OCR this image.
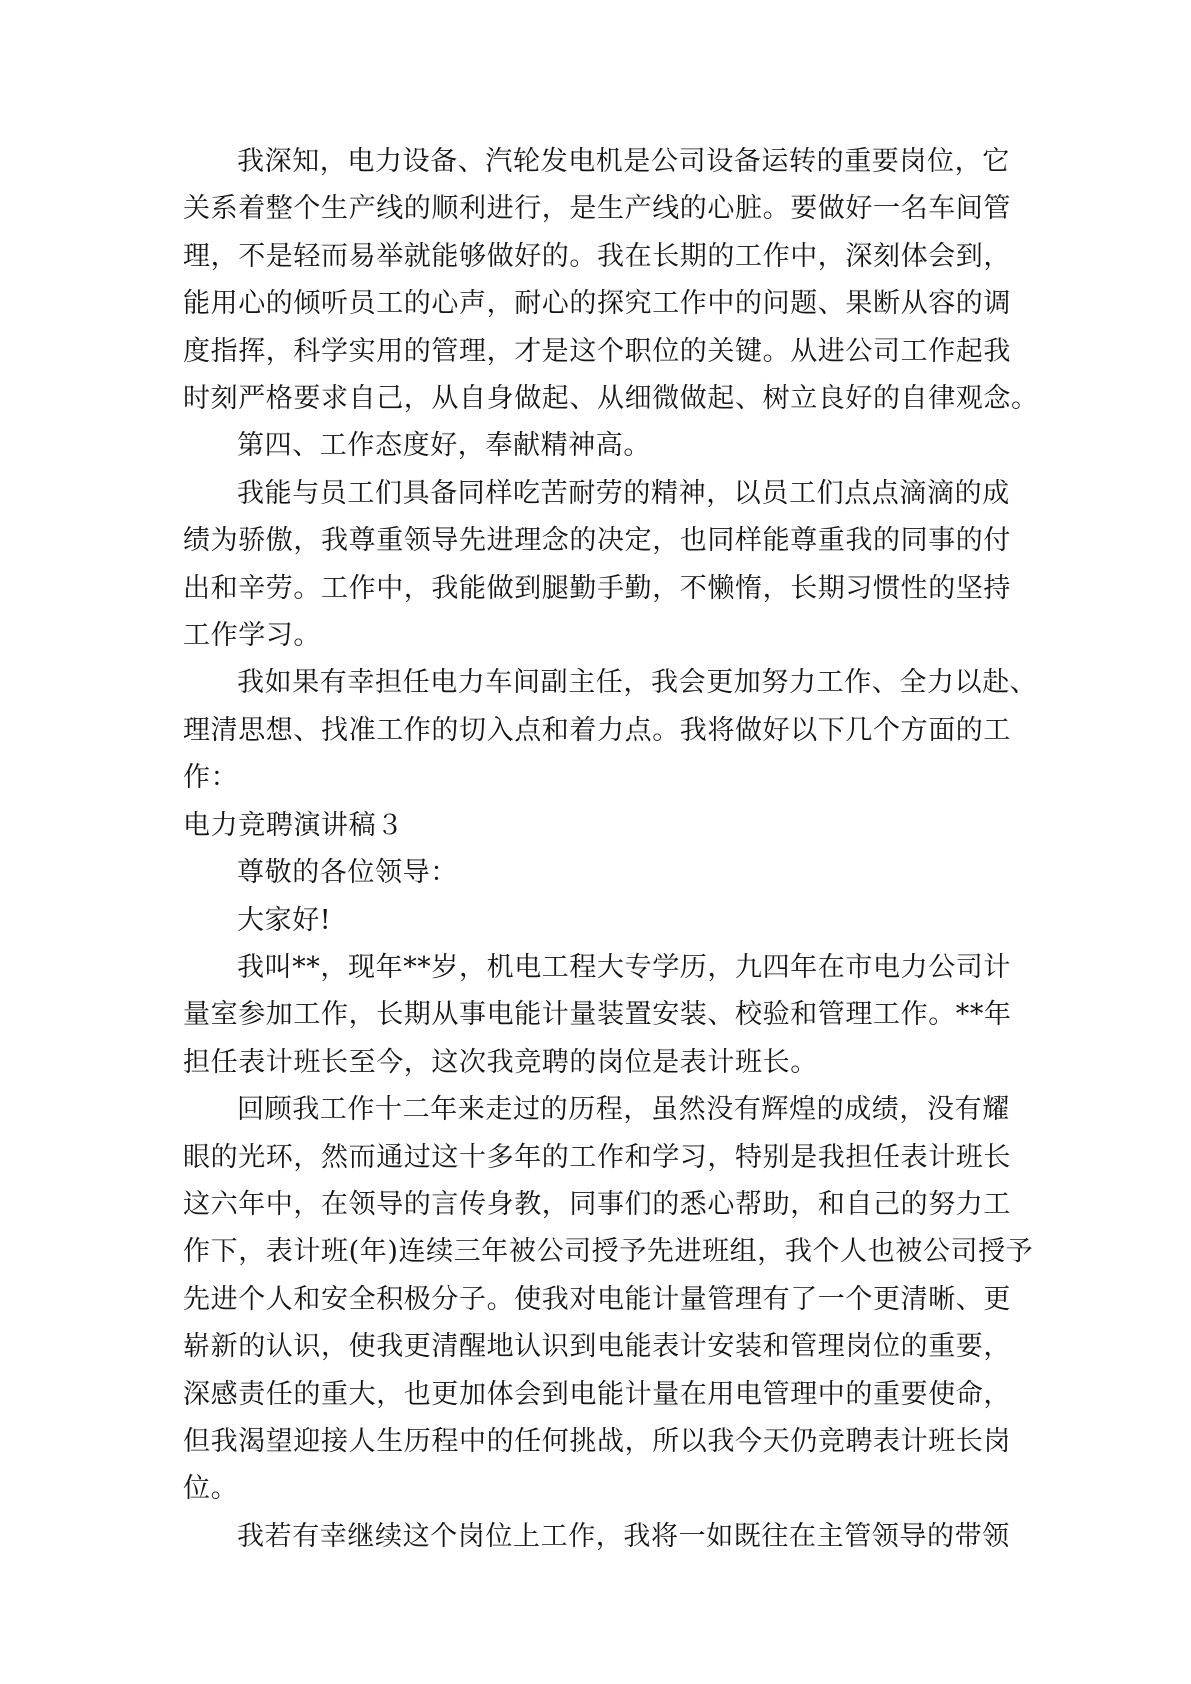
我深知，电力设备、汽轮发电机是公司设备运转的重要岗位，它
关系着整个生产线的顺利进行，是生产线的心脏。要做好一名车间管
理，不是轻而易举就能够做好的。我在长期的工作中，深刻体会到，
能用心的倾听员工的心声，耐心的探究工作中的问题、果断从容的调
度指挥，科学实用的管理，才是这个职位的关键。从进公司工作起我
时刻严格要求自己，从自身做起、从细微做起、树立良好的自律观念。

第四、工作态度好，奉献精神高。

我能与员工们具备同样吃苦耐劳的精神，以员工们点点滴滴的成
绩为骄傲，我尊重领导先进理念的决定，也同样能尊重我的同事的付
出和辛劳。工作中，我能做到腿勤手勤，不懒惰，长期习惯性的坚持
工作学习。

我如果有幸担任电力车间副主任，我会更加努力工作、全力以赴、
理清思想、找准工作的切入点和着力点。我将做好以下几个方面的工
作：

电力竞聘演讲稿３

尊敬的各位领导：

大家好!

我叫**，现年**岁，机电工程大专学历，九四年在市电力公司计
量室参加工作，长期从事电能计量装置安装、校验和管理工作。**年
担任表计班长至今，这次我竞聘的岗位是表计班长。

回顾我工作十二年来走过的历程，虽然没有辉煌的成绩，没有耀
眼的光环，然而通过这十多年的工作和学习，特别是我担任表计班长
这六年中，在领导的言传身教，同事们的悉心帮助，和自己的努力工
作下，表计班(年)连续三年被公司授予先进班组，我个人也被公司授予
先进个人和安全积极分子。使我对电能计量管理有了一个更清晰、更
崭新的认识，使我更清醒地认识到电能表计安装和管理岗位的重要，
深感责任的重大，也更加体会到电能计量在用电管理中的重要使命，
但我渴望迎接人生历程中的任何挑战，所以我今天仍竞聘表计班长岗
位。

我若有幸继续这个岗位上工作，我将一如既往在主管领导的带领
